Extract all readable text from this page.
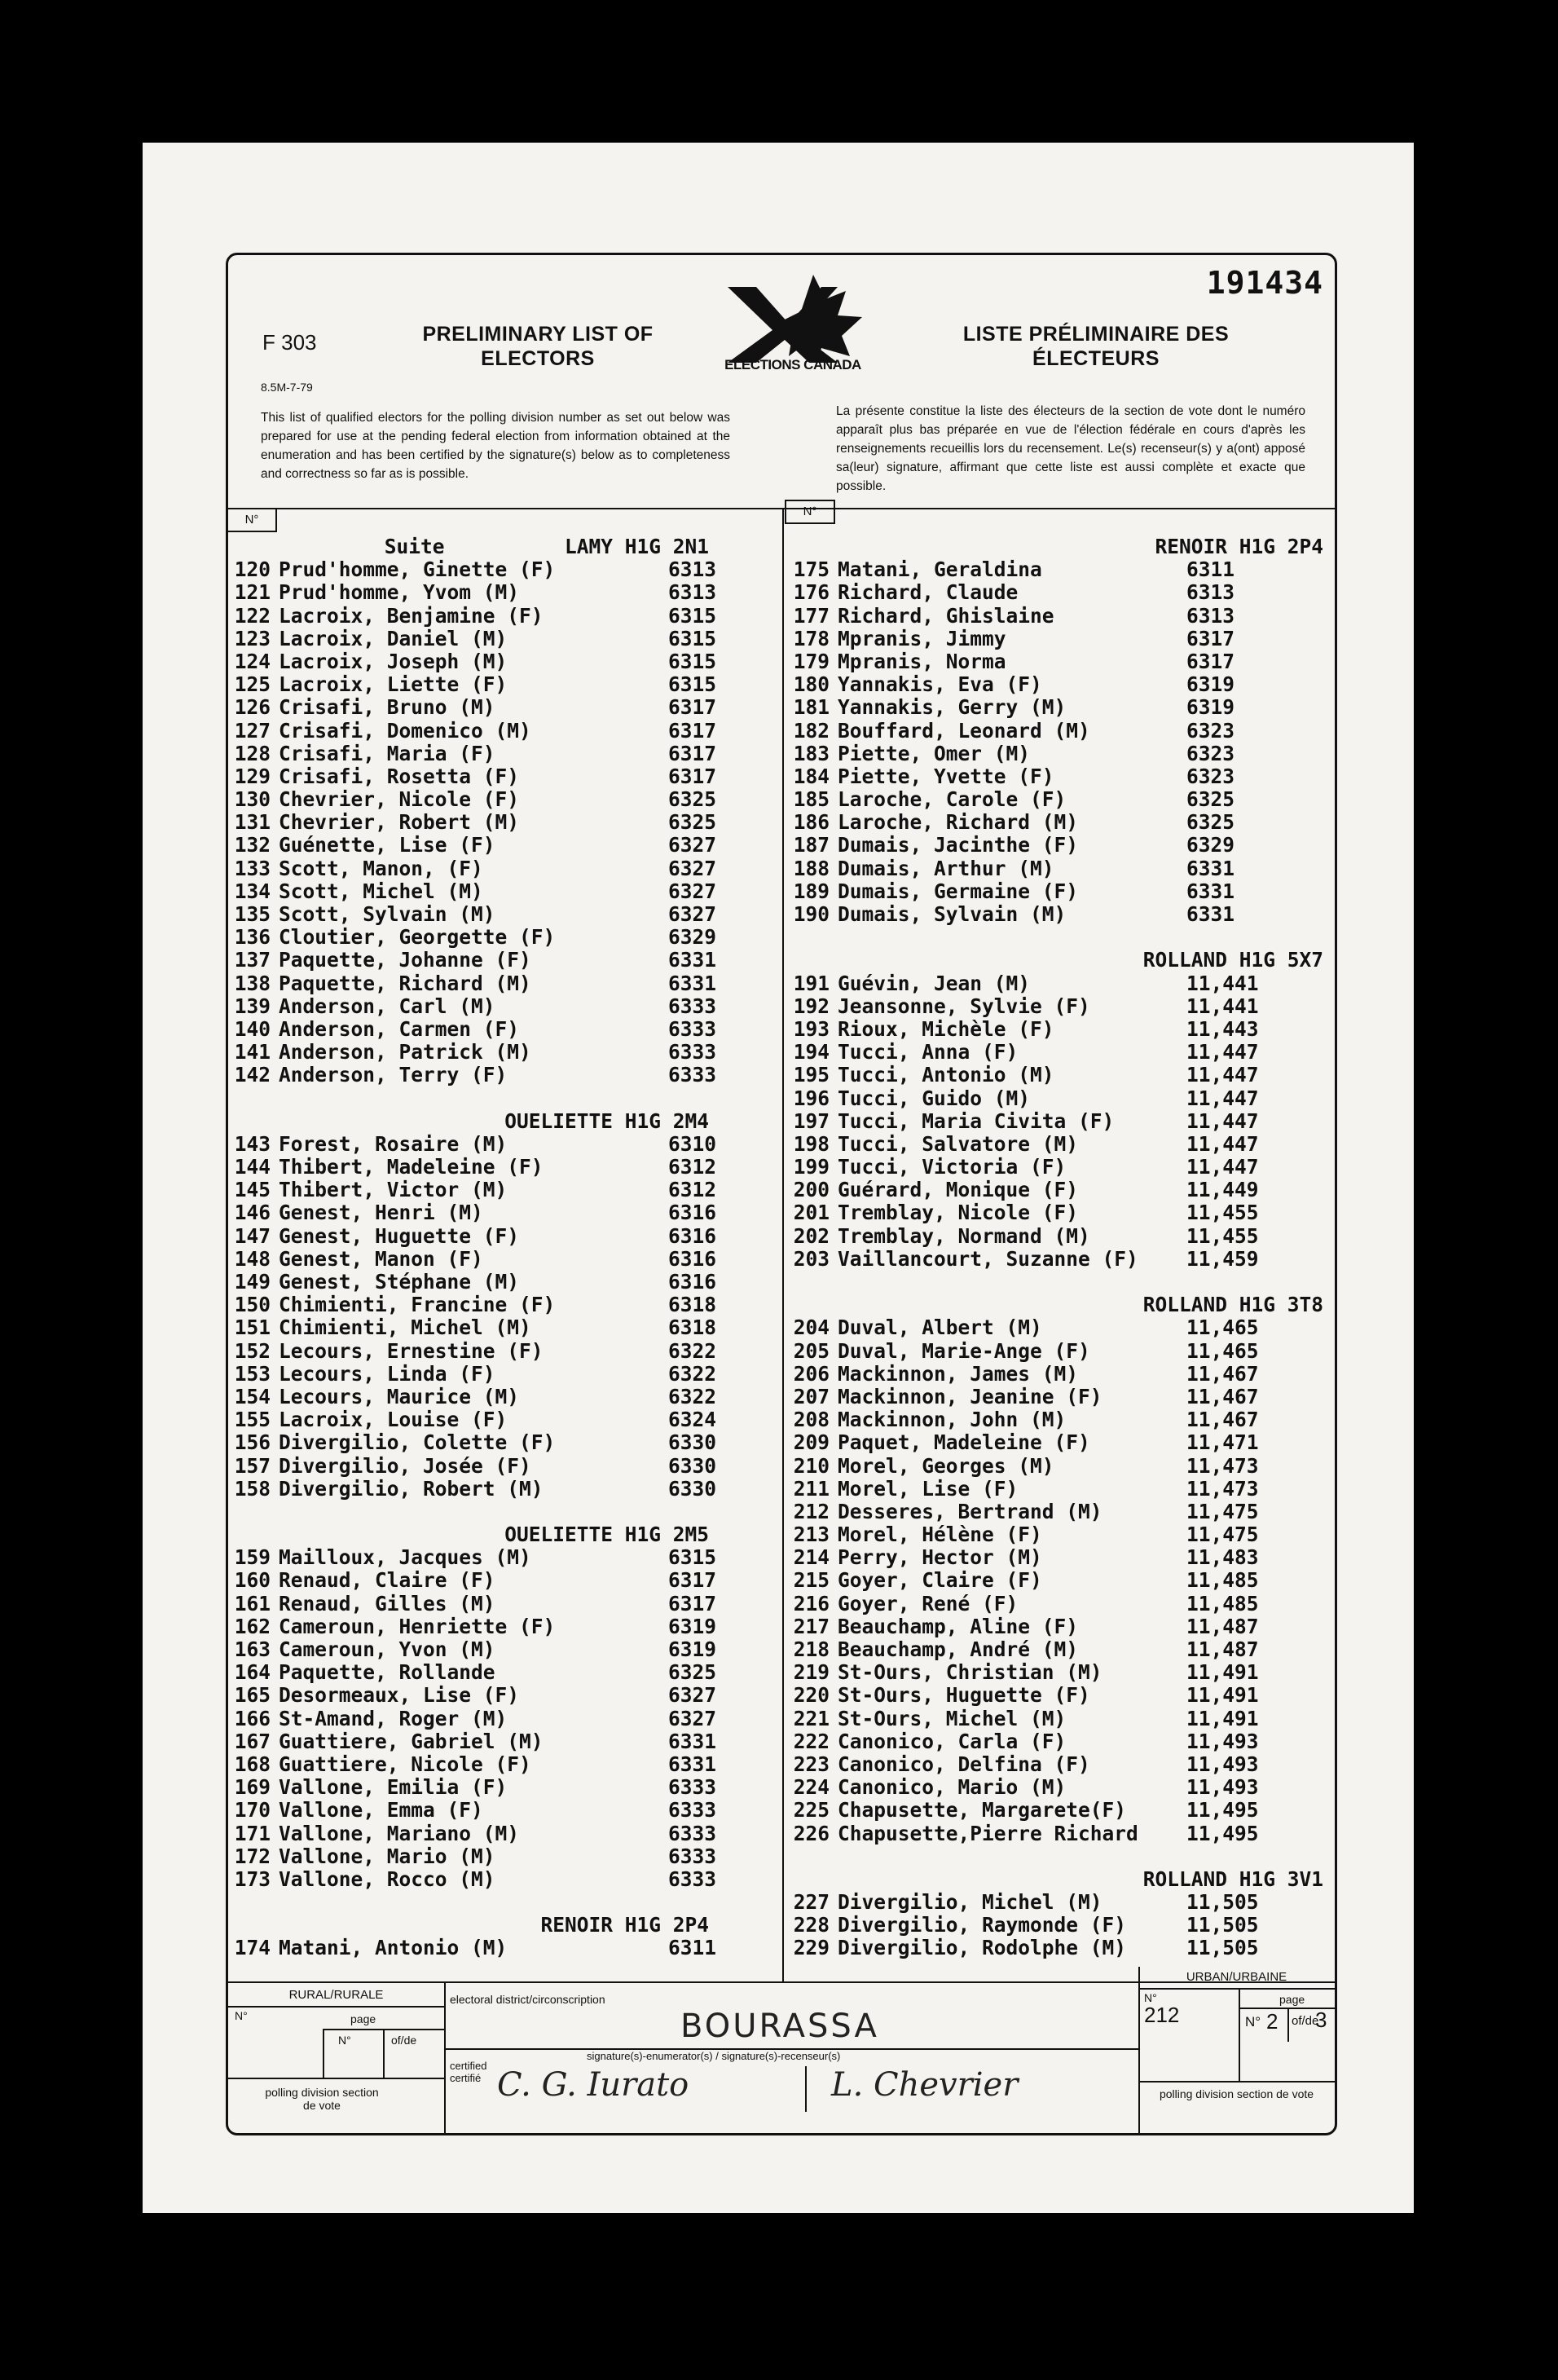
F 303
8.5M-7-79
PRELIMINARY LIST OF ELECTORS
LISTE PRÉLIMINAIRE DES ÉLECTEURS
191434
ELECTIONS CANADA
This list of qualified electors for the polling division number as set out below was prepared for use at the pending federal election from information obtained at the enumeration and has been certified by the signature(s) below as to completeness and correctness so far as is possible.
La présente constitue la liste des électeurs de la section de vote dont le numéro apparaît plus bas préparée en vue de l'élection fédérale en cours d'après les renseignements recueillis lors du recensement. Le(s) recenseur(s) y a(ont) apposé sa(leur) signature, affirmant que cette liste est aussi complète et exacte que possible.
N°
N°
Suite          LAMY H1G 2N1
120 Prud'homme, Ginette (F)	6313
121 Prud'homme, Yvom (M)	6313
122 Lacroix, Benjamine (F)	6315
123 Lacroix, Daniel (M)	6315
124 Lacroix, Joseph (M)	6315
125 Lacroix, Liette (F)	6315
126 Crisafi, Bruno (M)	6317
127 Crisafi, Domenico (M)	6317
128 Crisafi, Maria (F)	6317
129 Crisafi, Rosetta (F)	6317
130 Chevrier, Nicole (F)	6325
131 Chevrier, Robert (M)	6325
132 Guénette, Lise (F)	6327
133 Scott, Manon, (F)	6327
134 Scott, Michel (M)	6327
135 Scott, Sylvain (M)	6327
136 Cloutier, Georgette (F)	6329
137 Paquette, Johanne (F)	6331
138 Paquette, Richard (M)	6331
139 Anderson, Carl (M)	6333
140 Anderson, Carmen (F)	6333
141 Anderson, Patrick (M)	6333
142 Anderson, Terry (F)	6333
OUELIETTE H1G 2M4
143 Forest, Rosaire (M)	6310
144 Thibert, Madeleine (F)	6312
145 Thibert, Victor (M)	6312
146 Genest, Henri (M)	6316
147 Genest, Huguette (F)	6316
148 Genest, Manon (F)	6316
149 Genest, Stéphane (M)	6316
150 Chimienti, Francine (F)	6318
151 Chimienti, Michel (M)	6318
152 Lecours, Ernestine (F)	6322
153 Lecours, Linda (F)	6322
154 Lecours, Maurice (M)	6322
155 Lacroix, Louise (F)	6324
156 Divergilio, Colette (F)	6330
157 Divergilio, Josée (F)	6330
158 Divergilio, Robert (M)	6330
OUELIETTE H1G 2M5
159 Mailloux, Jacques (M)	6315
160 Renaud, Claire (F)	6317
161 Renaud, Gilles (M)	6317
162 Cameroun, Henriette (F)	6319
163 Cameroun, Yvon (M)	6319
164 Paquette, Rollande	6325
165 Desormeaux, Lise (F)	6327
166 St-Amand, Roger (M)	6327
167 Guattiere, Gabriel (M)	6331
168 Guattiere, Nicole (F)	6331
169 Vallone, Emilia (F)	6333
170 Vallone, Emma (F)	6333
171 Vallone, Mariano (M)	6333
172 Vallone, Mario (M)	6333
173 Vallone, Rocco (M)	6333
RENOIR H1G 2P4
174 Matani, Antonio (M)	6311
RENOIR H1G 2P4
175 Matani, Geraldina	6311
176 Richard, Claude	6313
177 Richard, Ghislaine	6313
178 Mpranis, Jimmy	6317
179 Mpranis, Norma	6317
180 Yannakis, Eva (F)	6319
181 Yannakis, Gerry (M)	6319
182 Bouffard, Leonard (M)	6323
183 Piette, Omer (M)	6323
184 Piette, Yvette (F)	6323
185 Laroche, Carole (F)	6325
186 Laroche, Richard (M)	6325
187 Dumais, Jacinthe (F)	6329
188 Dumais, Arthur (M)	6331
189 Dumais, Germaine (F)	6331
190 Dumais, Sylvain (M)	6331
ROLLAND H1G 5X7
191 Guévin, Jean (M)	11,441
192 Jeansonne, Sylvie (F)	11,441
193 Rioux, Michèle (F)	11,443
194 Tucci, Anna (F)	11,447
195 Tucci, Antonio (M)	11,447
196 Tucci, Guido (M)	11,447
197 Tucci, Maria Civita (F)	11,447
198 Tucci, Salvatore (M)	11,447
199 Tucci, Victoria (F)	11,447
200 Guérard, Monique (F)	11,449
201 Tremblay, Nicole (F)	11,455
202 Tremblay, Normand (M)	11,455
203 Vaillancourt, Suzanne (F) 11,459
ROLLAND H1G 3T8
204 Duval, Albert (M)	11,465
205 Duval, Marie-Ange (F)	11,465
206 Mackinnon, James (M)	11,467
207 Mackinnon, Jeanine (F)	11,467
208 Mackinnon, John (M)	11,467
209 Paquet, Madeleine (F)	11,471
210 Morel, Georges (M)	11,473
211 Morel, Lise (F)	11,473
212 Desseres, Bertrand (M)	11,475
213 Morel, Hélène (F)	11,475
214 Perry, Hector (M)	11,483
215 Goyer, Claire (F)	11,485
216 Goyer, René (F)	11,485
217 Beauchamp, Aline (F)	11,487
218 Beauchamp, André (M)	11,487
219 St-Ours, Christian (M)	11,491
220 St-Ours, Huguette (F)	11,491
221 St-Ours, Michel (M)	11,491
222 Canonico, Carla (F)	11,493
223 Canonico, Delfina (F)	11,493
224 Canonico, Mario (M)	11,493
225 Chapusette, Margarete(F)	11,495
226 Chapusette,Pierre Richard 11,495
ROLLAND H1G 3V1
227 Divergilio, Michel (M)	11,505
228 Divergilio, Raymonde (F)	11,505
229 Divergilio, Rodolphe (M)	11,505
RURAL/RURALE
N°	page
N°	of/de
polling division section de vote
electoral district/circonscription
BOURASSA
certified certifié
signature(s)-enumerator(s) / signature(s)-recenseur(s)
C. G. Iurato	L. Chevrier
URBAN/URBAINE
N°
212
page
N° 2 of/de
3
polling division section de vote
